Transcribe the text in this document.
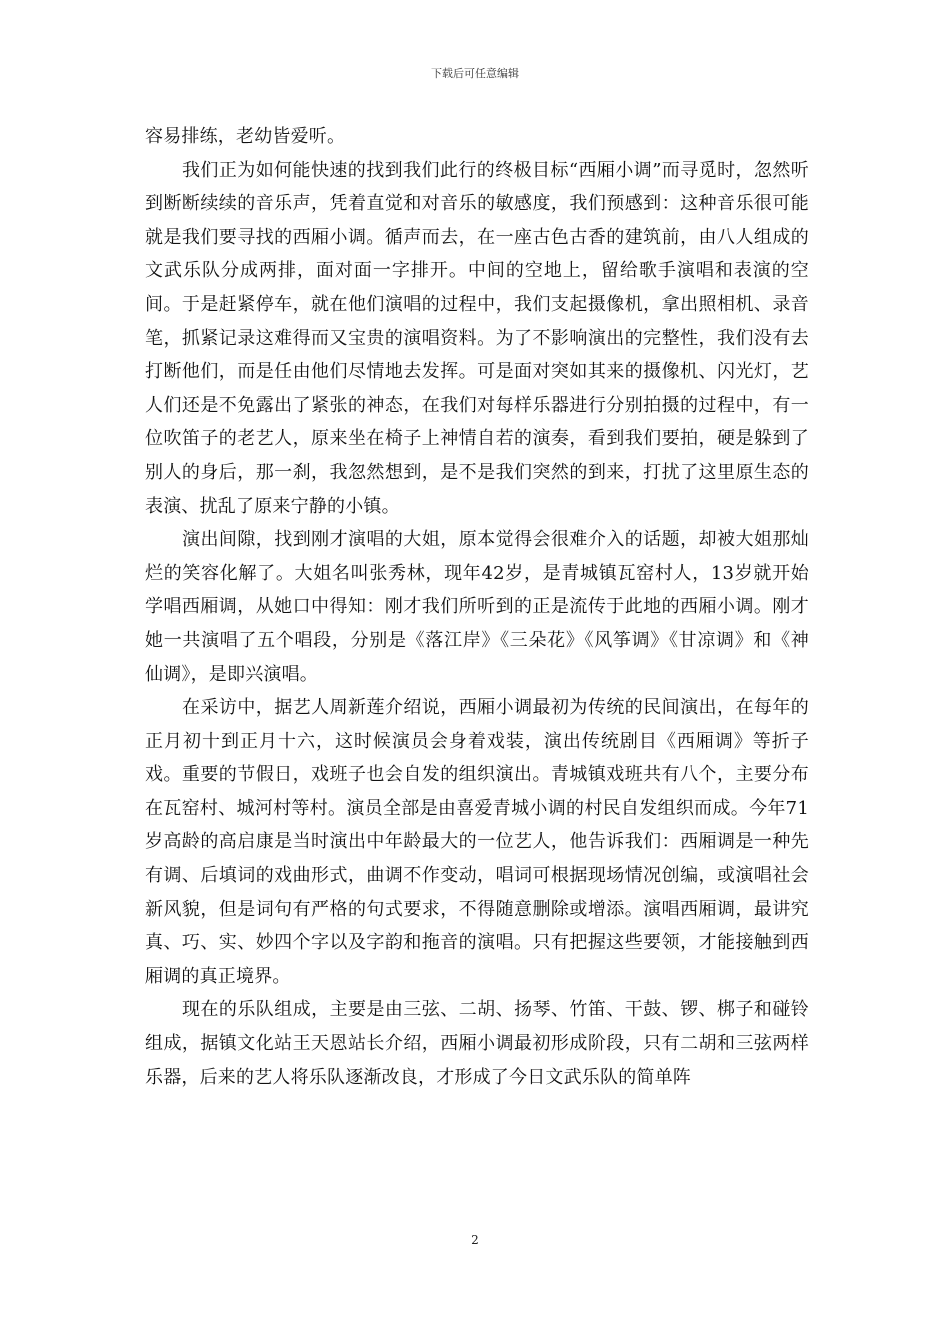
下载后可任意编辑

容易排练，老幼皆爱听。

我们正为如何能快速的找到我们此行的终极目标“西厢小调”而寻觅时，忽然听到断断续续的音乐声，凭着直觉和对音乐的敏感度，我们预感到：这种音乐很可能就是我们要寻找的西厢小调。循声而去，在一座古色古香的建筑前，由八人组成的文武乐队分成两排，面对面一字排开。中间的空地上，留给歌手演唱和表演的空间。于是赶紧停车，就在他们演唱的过程中，我们支起摄像机，拿出照相机、录音笔，抓紧记录这难得而又宝贵的演唱资料。为了不影响演出的完整性，我们没有去打断他们，而是任由他们尽情地去发挥。可是面对突如其来的摄像机、闪光灯，艺人们还是不免露出了紧张的神态，在我们对每样乐器进行分别拍摄的过程中，有一位吹笛子的老艺人，原来坐在椅子上神情自若的演奏，看到我们要拍，硬是躲到了别人的身后，那一刹，我忽然想到，是不是我们突然的到来，打扰了这里原生态的表演、扰乱了原来宁静的小镇。

演出间隙，找到刚才演唱的大姐，原本觉得会很难介入的话题，却被大姐那灿烂的笑容化解了。大姐名叫张秀林，现年42岁，是青城镇瓦窑村人，13岁就开始学唱西厢调，从她口中得知：刚才我们所听到的正是流传于此地的西厢小调。刚才她一共演唱了五个唱段，分别是《落江岸》《三朵花》《风筝调》《甘凉调》和《神仙调》，是即兴演唱。

在采访中，据艺人周新莲介绍说，西厢小调最初为传统的民间演出，在每年的正月初十到正月十六，这时候演员会身着戏装，演出传统剧目《西厢调》等折子戏。重要的节假日，戏班子也会自发的组织演出。青城镇戏班共有八个，主要分布在瓦窑村、城河村等村。演员全部是由喜爱青城小调的村民自发组织而成。今年71岁高龄的高启康是当时演出中年龄最大的一位艺人，他告诉我们：西厢调是一种先有调、后填词的戏曲形式，曲调不作变动，唱词可根据现场情况创编，或演唱社会新风貌，但是词句有严格的句式要求，不得随意删除或增添。演唱西厢调，最讲究真、巧、实、妙四个字以及字韵和拖音的演唱。只有把握这些要领，才能接触到西厢调的真正境界。

现在的乐队组成，主要是由三弦、二胡、扬琴、竹笛、干鼓、锣、梆子和碰铃组成，据镇文化站王天恩站长介绍，西厢小调最初形成阶段，只有二胡和三弦两样乐器，后来的艺人将乐队逐渐改良，才形成了今日文武乐队的简单阵

2
